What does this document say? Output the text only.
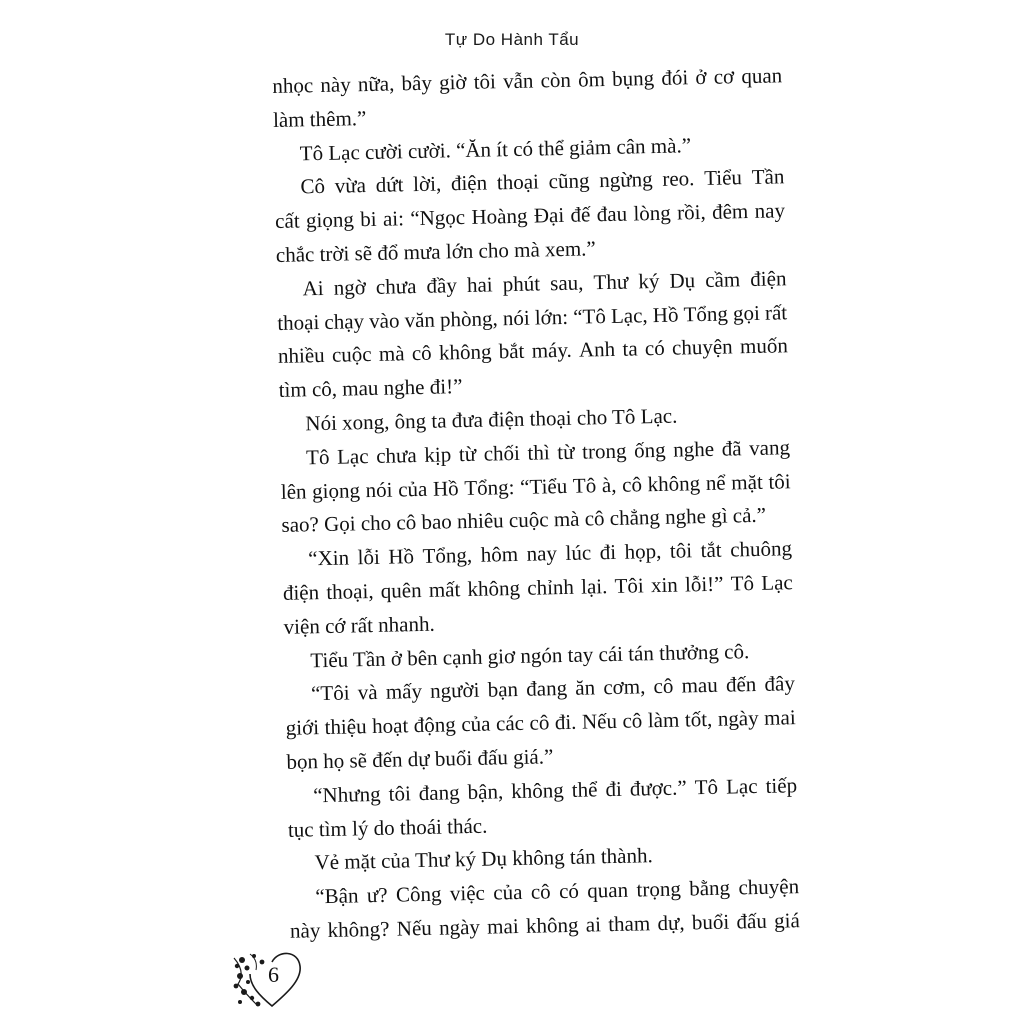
Tự Do Hành Tẩu
nhọc này nữa, bây giờ tôi vẫn còn ôm bụng đói ở cơ quan
làm thêm.”
Tô Lạc cười cười. “Ăn ít có thể giảm cân mà.”
Cô vừa dứt lời, điện thoại cũng ngừng reo. Tiểu Tần
cất giọng bi ai: “Ngọc Hoàng Đại đế đau lòng rồi, đêm nay
chắc trời sẽ đổ mưa lớn cho mà xem.”
Ai ngờ chưa đầy hai phút sau, Thư ký Dụ cầm điện
thoại chạy vào văn phòng, nói lớn: “Tô Lạc, Hồ Tổng gọi rất
nhiều cuộc mà cô không bắt máy. Anh ta có chuyện muốn
tìm cô, mau nghe đi!”
Nói xong, ông ta đưa điện thoại cho Tô Lạc.
Tô Lạc chưa kịp từ chối thì từ trong ống nghe đã vang
lên giọng nói của Hồ Tổng: “Tiểu Tô à, cô không nể mặt tôi
sao? Gọi cho cô bao nhiêu cuộc mà cô chẳng nghe gì cả.”
“Xin lỗi Hồ Tổng, hôm nay lúc đi họp, tôi tắt chuông
điện thoại, quên mất không chỉnh lại. Tôi xin lỗi!” Tô Lạc
viện cớ rất nhanh.
Tiểu Tần ở bên cạnh giơ ngón tay cái tán thưởng cô.
“Tôi và mấy người bạn đang ăn cơm, cô mau đến đây
giới thiệu hoạt động của các cô đi. Nếu cô làm tốt, ngày mai
bọn họ sẽ đến dự buổi đấu giá.”
“Nhưng tôi đang bận, không thể đi được.” Tô Lạc tiếp
tục tìm lý do thoái thác.
Vẻ mặt của Thư ký Dụ không tán thành.
“Bận ư? Công việc của cô có quan trọng bằng chuyện
này không? Nếu ngày mai không ai tham dự, buổi đấu giá
6
